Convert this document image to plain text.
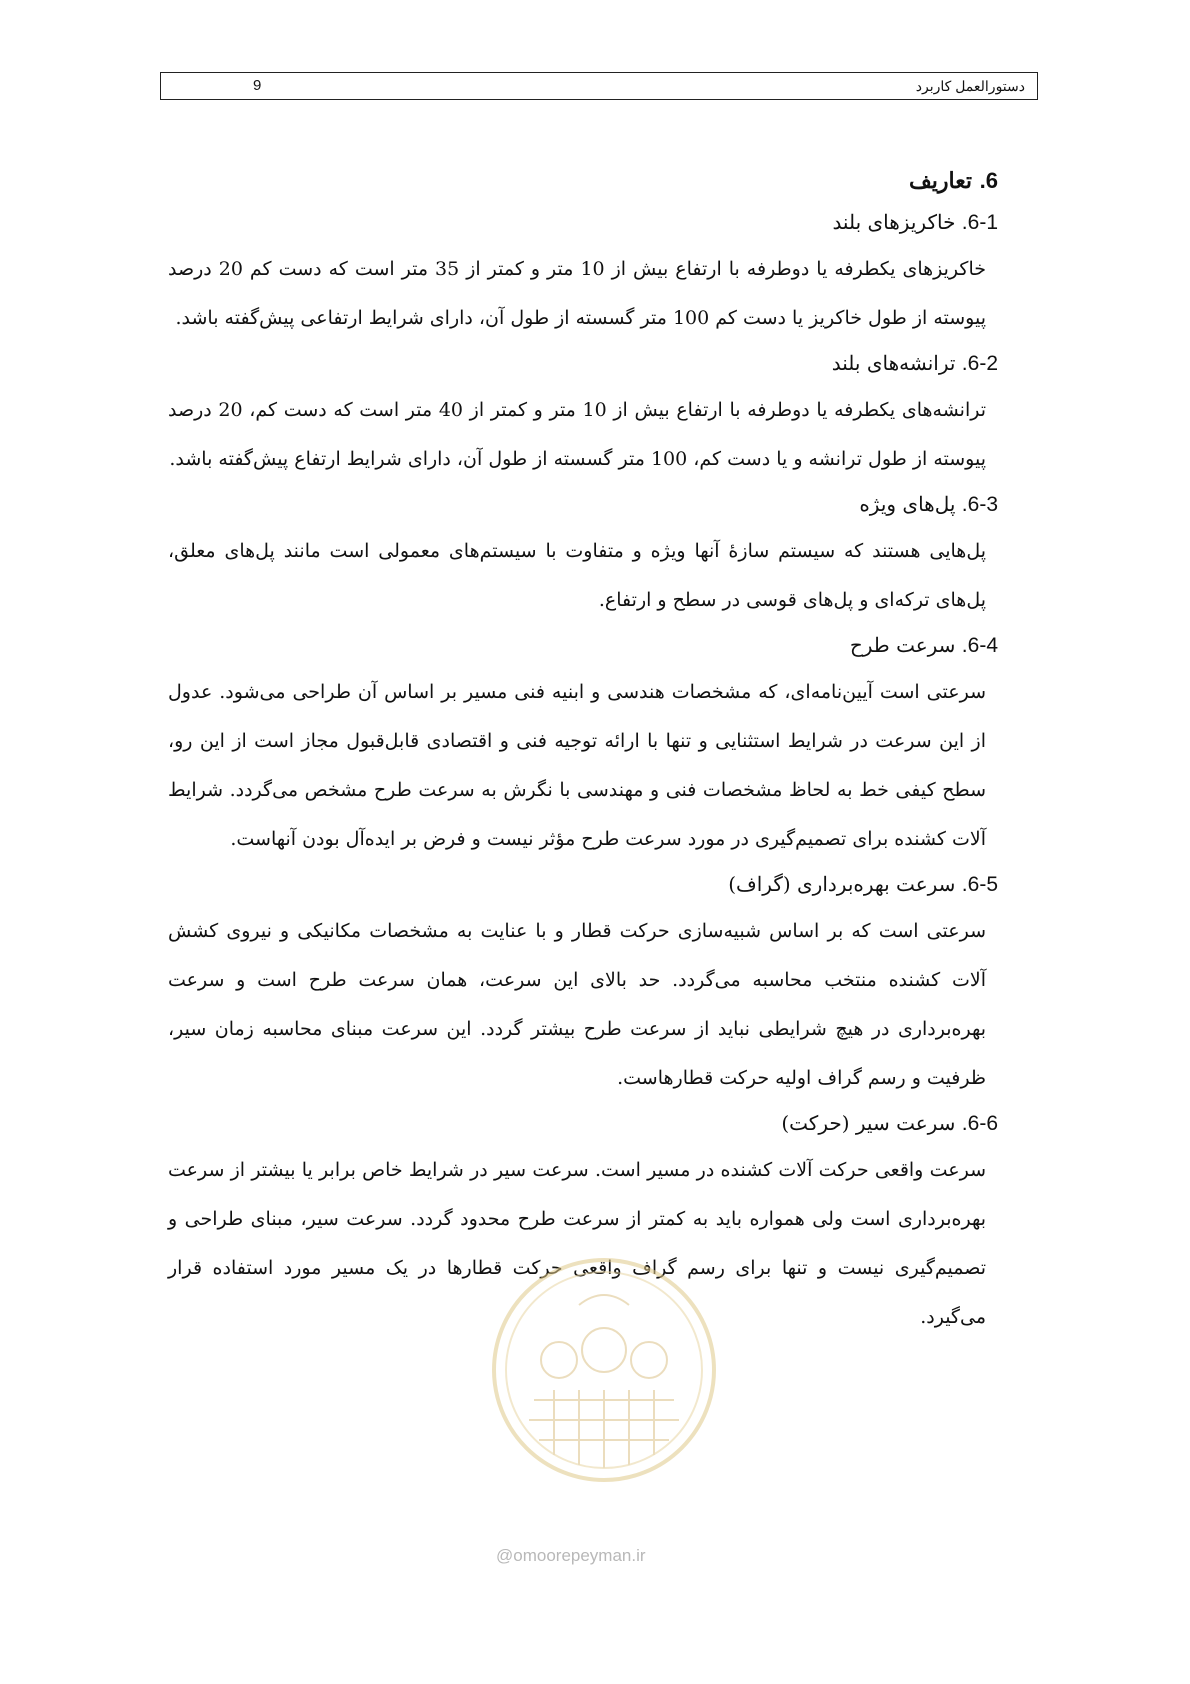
9	دستورالعمل کاربرد
6. تعاریف
6-1. خاکریزهای بلند

خاکریزهای یکطرفه یا دوطرفه با ارتفاع بیش از 10 متر و کمتر از 35 متر است که دست کم 20 درصد پیوسته از طول خاکریز یا دست کم 100 متر گسسته از طول آن، دارای شرایط ارتفاعی پیش‌گفته باشد.

6-2. ترانشه‌های بلند

ترانشه‌های یکطرفه یا دوطرفه با ارتفاع بیش از 10 متر و کمتر از 40 متر است که دست کم، 20 درصد پیوسته از طول ترانشه و یا دست کم، 100 متر گسسته از طول آن، دارای شرایط ارتفاع پیش‌گفته باشد.

6-3. پل‌های ویژه

پل‌هایی هستند که سیستم سازهٔ آنها ویژه و متفاوت با سیستم‌های معمولی است مانند پل‌های معلق، پل‌های ترکه‌ای و پل‌های قوسی در سطح و ارتفاع.

6-4. سرعت طرح

سرعتی است آیین‌نامه‌ای، که مشخصات هندسی و ابنیه فنی مسیر بر اساس آن طراحی می‌شود. عدول از این سرعت در شرایط استثنایی و تنها با ارائه توجیه فنی و اقتصادی قابل‌قبول مجاز است از این رو، سطح کیفی خط به لحاظ مشخصات فنی و مهندسی با نگرش به سرعت طرح مشخص می‌گردد. شرایط آلات کشنده برای تصمیم‌گیری در مورد سرعت طرح مؤثر نیست و فرض بر ایده‌آل بودن آنهاست.

6-5. سرعت بهره‌برداری (گراف)

سرعتی است که بر اساس شبیه‌سازی حرکت قطار و با عنایت به مشخصات مکانیکی و نیروی کشش آلات کشنده منتخب محاسبه می‌گردد. حد بالای این سرعت، همان سرعت طرح است و سرعت بهره‌برداری در هیچ شرایطی نباید از سرعت طرح بیشتر گردد. این سرعت مبنای محاسبه زمان سیر، ظرفیت و رسم گراف اولیه حرکت قطارهاست.

6-6. سرعت سیر (حرکت)

سرعت واقعی حرکت آلات کشنده در مسیر است. سرعت سیر در شرایط خاص برابر یا بیشتر از سرعت بهره‌برداری است ولی همواره باید به کمتر از سرعت طرح محدود گردد. سرعت سیر، مبنای طراحی و تصمیم‌گیری نیست و تنها برای رسم گراف واقعی حرکت قطارها در یک مسیر مورد استفاده قرار می‌گیرد.

@omoorepeyman.ir
